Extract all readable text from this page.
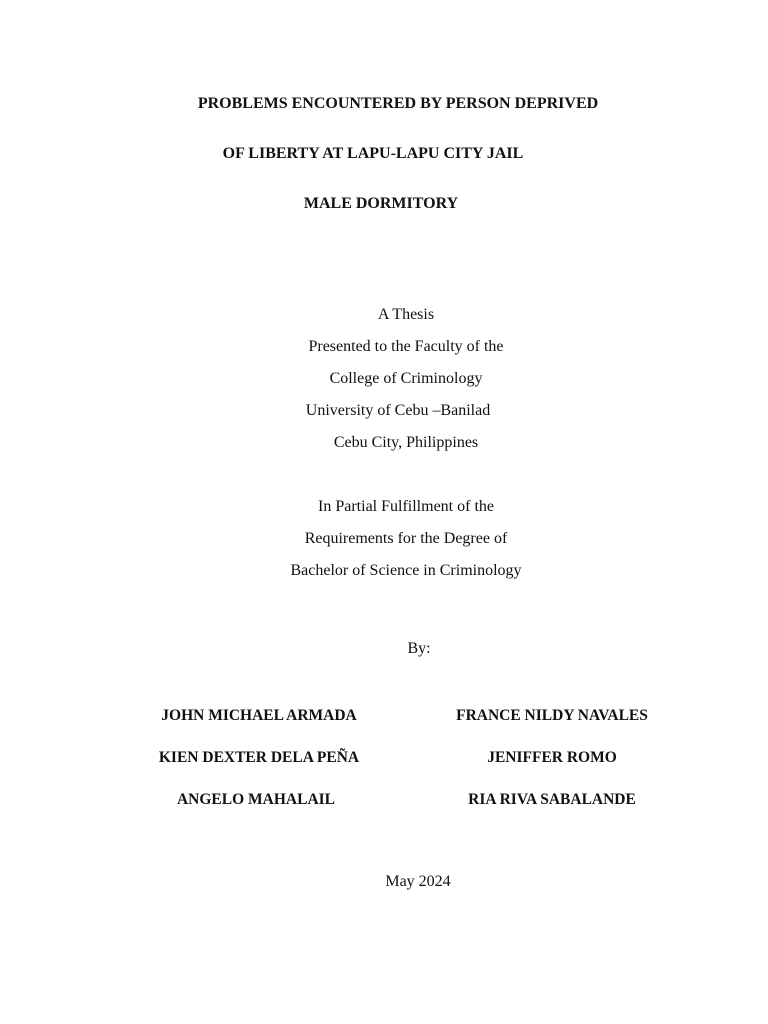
PROBLEMS ENCOUNTERED BY PERSON DEPRIVED
OF LIBERTY AT LAPU-LAPU CITY JAIL
MALE DORMITORY
A Thesis
Presented to the Faculty of the
College of Criminology
University of Cebu –Banilad
Cebu City, Philippines
In Partial Fulfillment of the
Requirements for the Degree of
Bachelor of Science in Criminology
By:
JOHN MICHAEL ARMADA
KIEN DEXTER DELA PEÑA
ANGELO MAHALAIL
FRANCE NILDY NAVALES
JENIFFER ROMO
RIA RIVA SABALANDE
May 2024
